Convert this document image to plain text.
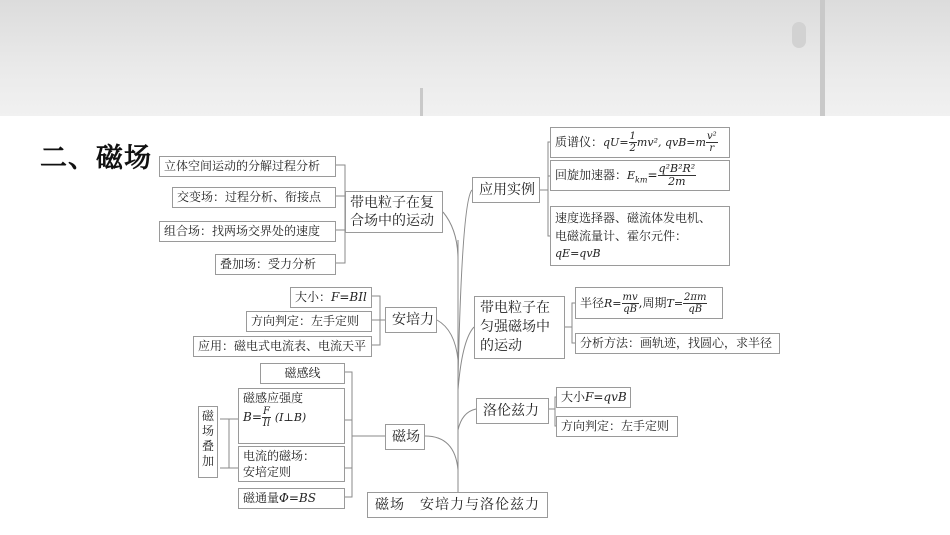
二、磁场	立体空间运动的分解过程分析
交变场：过程分析、衔接点
组合场：找两场交界处的速度
叠加场：受力分析
带电粒子在复
合场中的运动
大小：F=BIl
方向判定：左手定则
应用：磁电式电流表、电流天平
安培力
磁感线
磁感应强度
$B= \frac{F}{Il}$ (I⊥B)
电流的磁场：
安培定则
磁通量Φ=BS
磁
场
叠
加
磁场
磁场　安培力与洛伦兹力
应用实例
质谱仪：$qU= \frac{1}{2} mv^2$, $qvB=m \frac{\text{v²}}{r}$
回旋加速器：$E_{km}= \frac{\text{q²B²R²}}{2m}$
速度选择器、磁流体发电机、
电磁流量计、霍尔元件：
qE=qvB
带电粒子在
匀强磁场中
的运动
半径$R= \frac{mv}{qB}$ ,周期$T= \frac{2\pi m}{qB}$
分析方法：画轨迹，找圆心，求半径
洛伦兹力
大小F=qvB
方向判定：左手定则
